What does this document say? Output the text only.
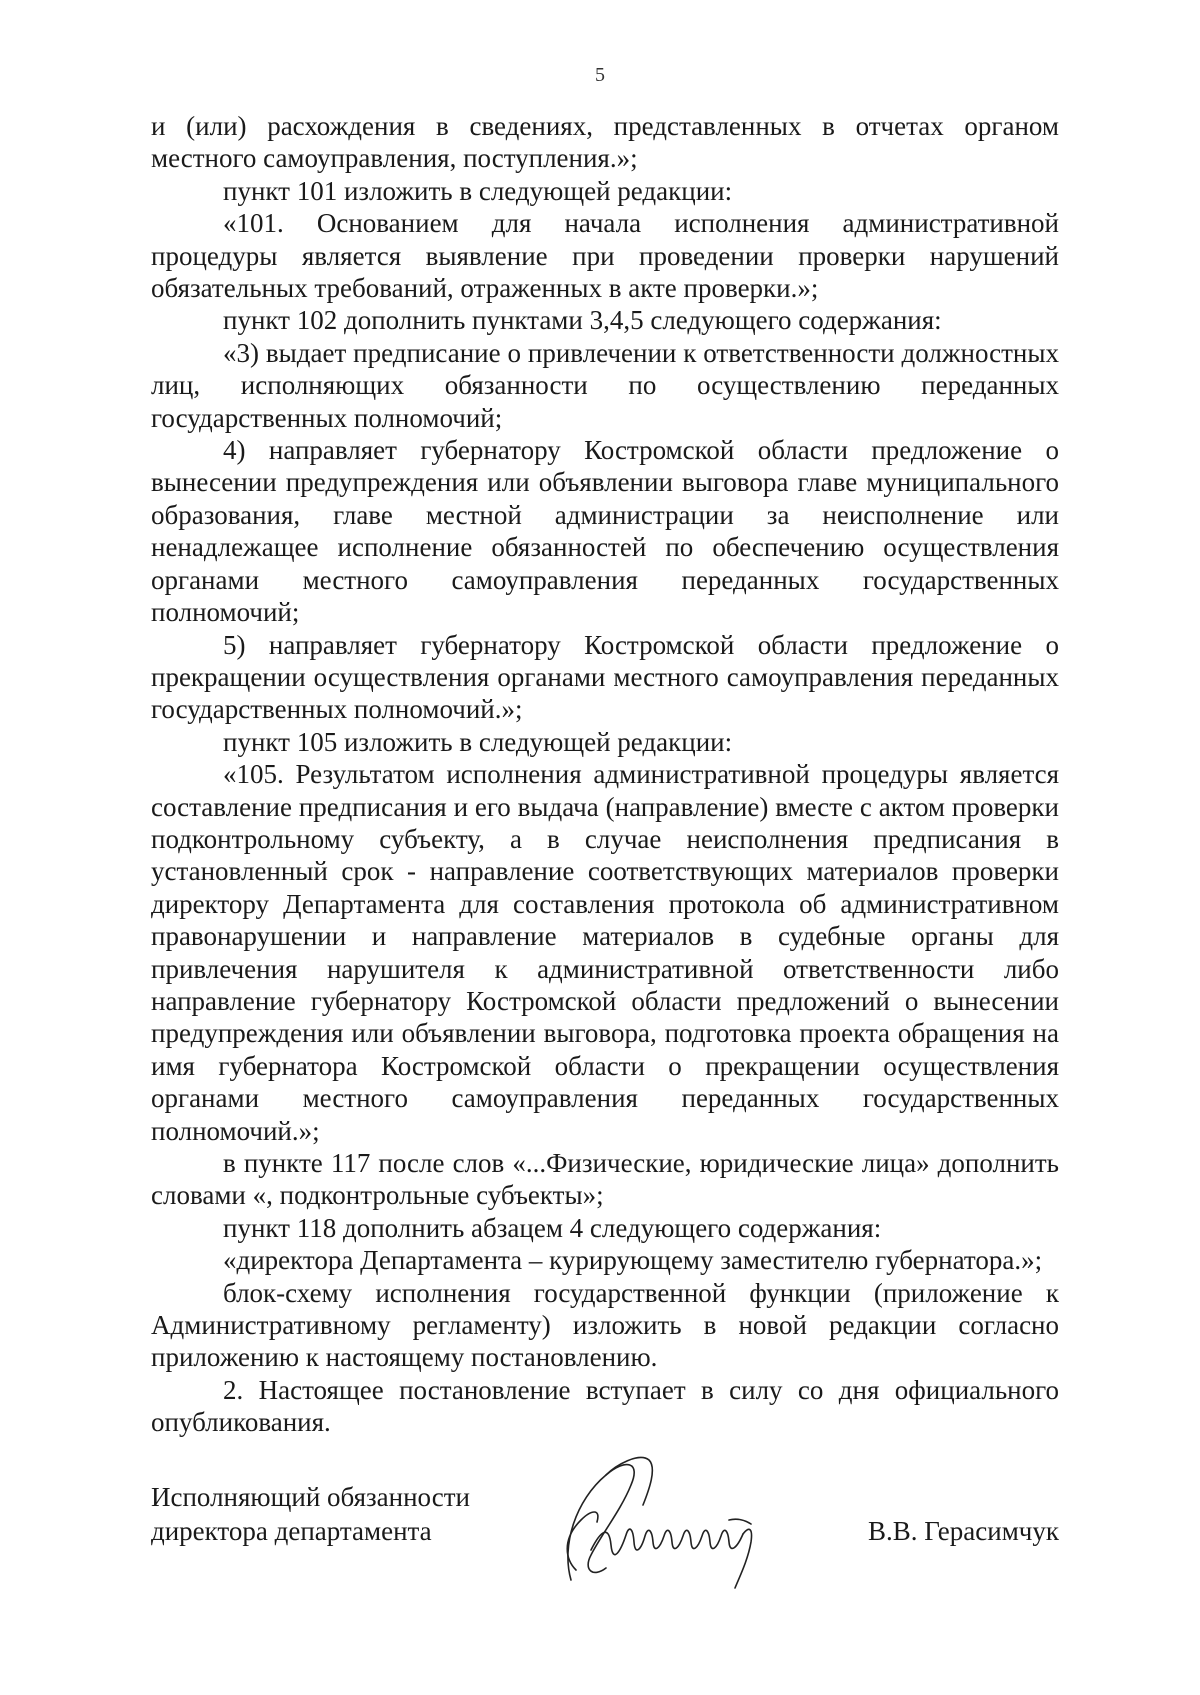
5

и (или) расхождения в сведениях, представленных в отчетах органом местного самоуправления, поступления.»;

пункт 101 изложить в следующей редакции:

«101. Основанием для начала исполнения административной процедуры является выявление при проведении проверки нарушений обязательных требований, отраженных в акте проверки.»;

пункт 102 дополнить пунктами 3,4,5 следующего содержания:

«3) выдает предписание о привлечении к ответственности должностных лиц, исполняющих обязанности по осуществлению переданных государственных полномочий;

4) направляет губернатору Костромской области предложение о вынесении предупреждения или объявлении выговора главе муниципального образования, главе местной администрации за неисполнение или ненадлежащее исполнение обязанностей по обеспечению осуществления органами местного самоуправления переданных государственных полномочий;

5) направляет губернатору Костромской области предложение о прекращении осуществления органами местного самоуправления переданных государственных полномочий.»;

пункт 105 изложить в следующей редакции:

«105. Результатом исполнения административной процедуры является составление предписания и его выдача (направление) вместе с актом проверки подконтрольному субъекту, а в случае неисполнения предписания в установленный срок - направление соответствующих материалов проверки директору Департамента для составления протокола об административном правонарушении и направление материалов в судебные органы для привлечения нарушителя к административной ответственности либо направление губернатору Костромской области предложений о вынесении предупреждения или объявлении выговора, подготовка проекта обращения на имя губернатора Костромской области о прекращении осуществления органами местного самоуправления переданных государственных полномочий.»;

в пункте 117 после слов «...Физические, юридические лица» дополнить словами «, подконтрольные субъекты»;

пункт 118 дополнить абзацем 4 следующего содержания:

«директора Департамента – курирующему заместителю губернатора.»;

блок-схему исполнения государственной функции (приложение к Административному регламенту) изложить в новой редакции согласно приложению к настоящему постановлению.

2. Настоящее постановление вступает в силу со дня официального опубликования.

Исполняющий обязанности
директора департамента	В.В. Герасимчук
